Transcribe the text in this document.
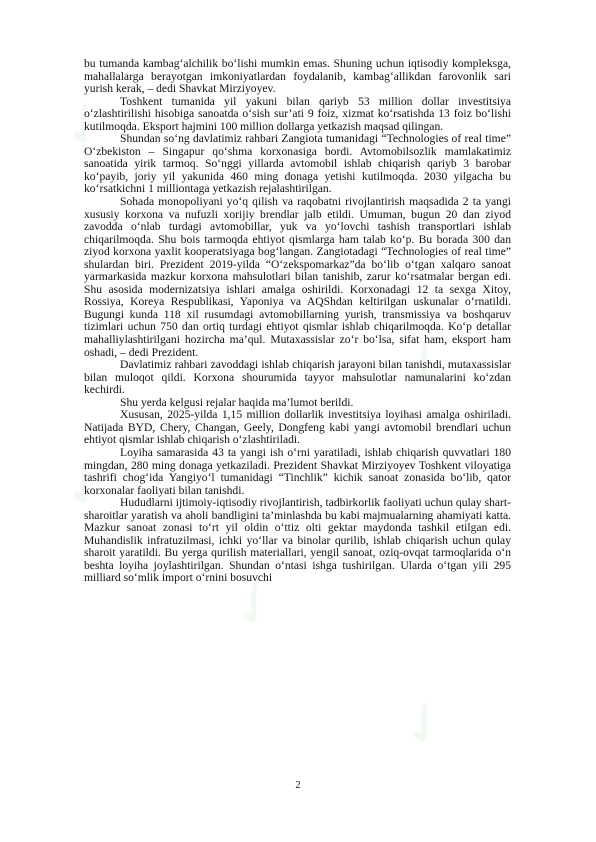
✓
✓
✓
✓
✓
✓

bu tumanda kambag‘alchilik bo‘lishi mumkin emas. Shuning uchun iqtisodiy kompleksga, mahallalarga berayotgan imkoniyatlardan foydalanib, kambag‘allikdan farovonlik sari yurish kerak, – dedi Shavkat Mirziyoyev.

Toshkent tumanida yil yakuni bilan qariyb 53 million dollar investitsiya o‘zlashtirilishi hisobiga sanoatda o‘sish sur’ati 9 foiz, xizmat ko‘rsatishda 13 foiz bo‘lishi kutilmoqda. Eksport hajmini 100 million dollarga yetkazish maqsad qilingan.

Shundan so‘ng davlatimiz rahbari Zangiota tumanidagi “Technologies of real time” O‘zbekiston – Singapur qo‘shma korxonasiga bordi. Avtomobilsozlik mamlakatimiz sanoatida yirik tarmoq. So‘nggi yillarda avtomobil ishlab chiqarish qariyb 3 barobar ko‘payib, joriy yil yakunida 460 ming donaga yetishi kutilmoqda. 2030 yilgacha bu ko‘rsatkichni 1 milliontaga yetkazish rejalashtirilgan.

Sohada monopoliyani yo‘q qilish va raqobatni rivojlantirish maqsadida 2 ta yangi xususiy korxona va nufuzli xorijiy brendlar jalb etildi. Umuman, bugun 20 dan ziyod zavodda o‘nlab turdagi avtomobillar, yuk va yo‘lovchi tashish transportlari ishlab chiqarilmoqda. Shu bois tarmoqda ehtiyot qismlarga ham talab ko‘p. Bu borada 300 dan ziyod korxona yaxlit kooperatsiyaga bog‘langan. Zangiotadagi “Technologies of real time” shulardan biri. Prezident 2019-yilda “O‘zekspomarkaz”da bo‘lib o‘tgan xalqaro sanoat yarmarkasida mazkur korxona mahsulotlari bilan tanishib, zarur ko‘rsatmalar bergan edi. Shu asosida modernizatsiya ishlari amalga oshirildi. Korxonadagi 12 ta sexga Xitoy, Rossiya, Koreya Respublikasi, Yaponiya va AQShdan keltirilgan uskunalar o‘rnatildi. Bugungi kunda 118 xil rusumdagi avtomobillarning yurish, transmissiya va boshqaruv tizimlari uchun 750 dan ortiq turdagi ehtiyot qismlar ishlab chiqarilmoqda. Ko‘p detallar mahalliylashtirilgani hozircha ma’qul. Mutaxassislar zo‘r bo‘lsa, sifat ham, eksport ham oshadi, – dedi Prezident.

Davlatimiz rahbari zavoddagi ishlab chiqarish jarayoni bilan tanishdi, mutaxassislar bilan muloqot qildi. Korxona shourumida tayyor mahsulotlar namunalarini ko‘zdan kechirdi.

Shu yerda kelgusi rejalar haqida ma’lumot berildi.

Xususan, 2025-yilda 1,15 million dollarlik investitsiya loyihasi amalga oshiriladi. Natijada BYD, Chery, Changan, Geely, Dongfeng kabi yangi avtomobil brendlari uchun ehtiyot qismlar ishlab chiqarish o‘zlashtiriladi.

Loyiha samarasida 43 ta yangi ish o‘rni yaratiladi, ishlab chiqarish quvvatlari 180 mingdan, 280 ming donaga yetkaziladi. Prezident Shavkat Mirziyoyev Toshkent viloyatiga tashrifi chog‘ida Yangiyo‘l tumanidagi “Tinchlik” kichik sanoat zonasida bo‘lib, qator korxonalar faoliyati bilan tanishdi.

Hududlarni ijtimoiy-iqtisodiy rivojlantirish, tadbirkorlik faoliyati uchun qulay shart-sharoitlar yaratish va aholi bandligini ta’minlashda bu kabi majmualarning ahamiyati katta. Mazkur sanoat zonasi to‘rt yil oldin o‘ttiz olti gektar maydonda tashkil etilgan edi. Muhandislik infratuzilmasi, ichki yo‘llar va binolar qurilib, ishlab chiqarish uchun qulay sharoit yaratildi. Bu yerga qurilish materiallari, yengil sanoat, oziq-ovqat tarmoqlarida o‘n beshta loyiha joylashtirilgan. Shundan o‘ntasi ishga tushirilgan. Ularda o‘tgan yili 295 milliard so‘mlik import o‘rnini bosuvchi

2
